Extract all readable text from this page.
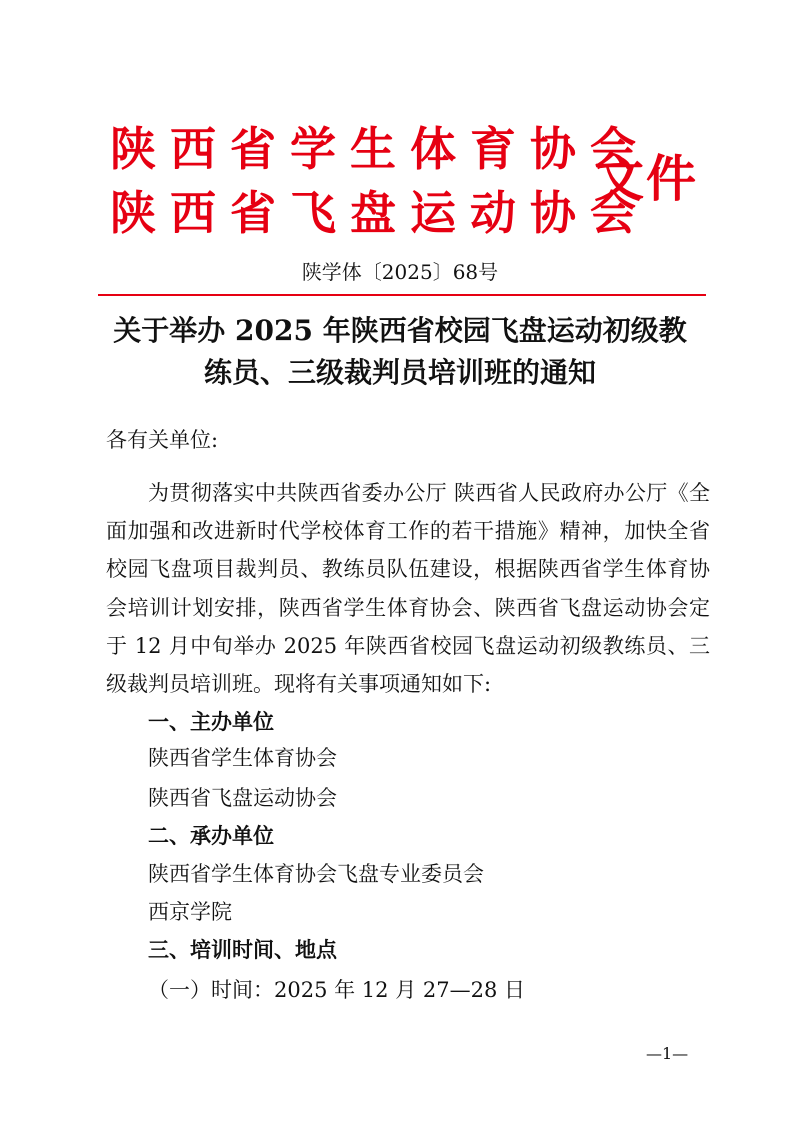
陕西省学生体育协会
陕西省飞盘运动协会
文件
陕学体〔2025〕68号
关于举办 2025 年陕西省校园飞盘运动初级教练员、三级裁判员培训班的通知
各有关单位:
为贯彻落实中共陕西省委办公厅 陕西省人民政府办公厅《全面加强和改进新时代学校体育工作的若干措施》精神，加快全省校园飞盘项目裁判员、教练员队伍建设，根据陕西省学生体育协会培训计划安排，陕西省学生体育协会、陕西省飞盘运动协会定于 12 月中旬举办 2025 年陕西省校园飞盘运动初级教练员、三级裁判员培训班。现将有关事项通知如下:
一、主办单位
陕西省学生体育协会
陕西省飞盘运动协会
二、承办单位
陕西省学生体育协会飞盘专业委员会
西京学院
三、培训时间、地点
（一）时间：2025 年 12 月 27—28 日
—1—
